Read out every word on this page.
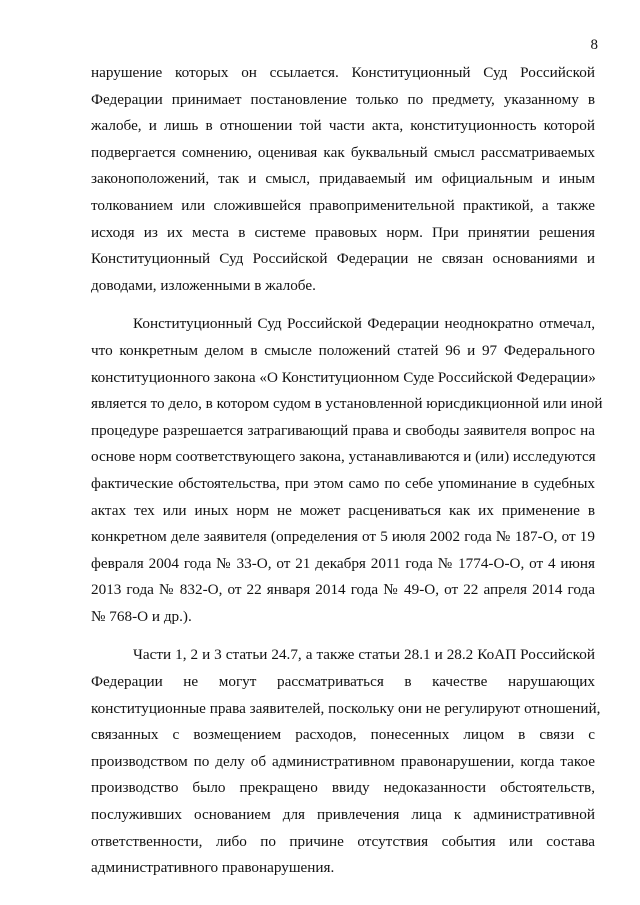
8
нарушение которых он ссылается. Конституционный Суд Российской
Федерации принимает постановление только по предмету, указанному в
жалобе, и лишь в отношении той части акта, конституционность которой
подвергается сомнению, оценивая как буквальный смысл рассматриваемых
законоположений, так и смысл, придаваемый им официальным и иным
толкованием или сложившейся правоприменительной практикой, а также
исходя из их места в системе правовых норм. При принятии решения
Конституционный Суд Российской Федерации не связан основаниями и
доводами, изложенными в жалобе.
Конституционный Суд Российской Федерации неоднократно отмечал,
что конкретным делом в смысле положений статей 96 и 97 Федерального
конституционного закона «О Конституционном Суде Российской Федерации»
является то дело, в котором судом в установленной юрисдикционной или иной
процедуре разрешается затрагивающий права и свободы заявителя вопрос на
основе норм соответствующего закона, устанавливаются и (или) исследуются
фактические обстоятельства, при этом само по себе упоминание в судебных
актах тех или иных норм не может расцениваться как их применение в
конкретном деле заявителя (определения от 5 июля 2002 года № 187-О, от 19
февраля 2004 года № 33-О, от 21 декабря 2011 года № 1774-О-О, от 4 июня
2013 года № 832-О, от 22 января 2014 года № 49-О, от 22 апреля 2014 года
№ 768-О и др.).
Части 1, 2 и 3 статьи 24.7, а также статьи 28.1 и 28.2 КоАП Российской
Федерации не могут рассматриваться в качестве нарушающих
конституционные права заявителей, поскольку они не регулируют отношений,
связанных с возмещением расходов, понесенных лицом в связи с
производством по делу об административном правонарушении, когда такое
производство было прекращено ввиду недоказанности обстоятельств,
послуживших основанием для привлечения лица к административной
ответственности, либо по причине отсутствия события или состава
административного правонарушения.
